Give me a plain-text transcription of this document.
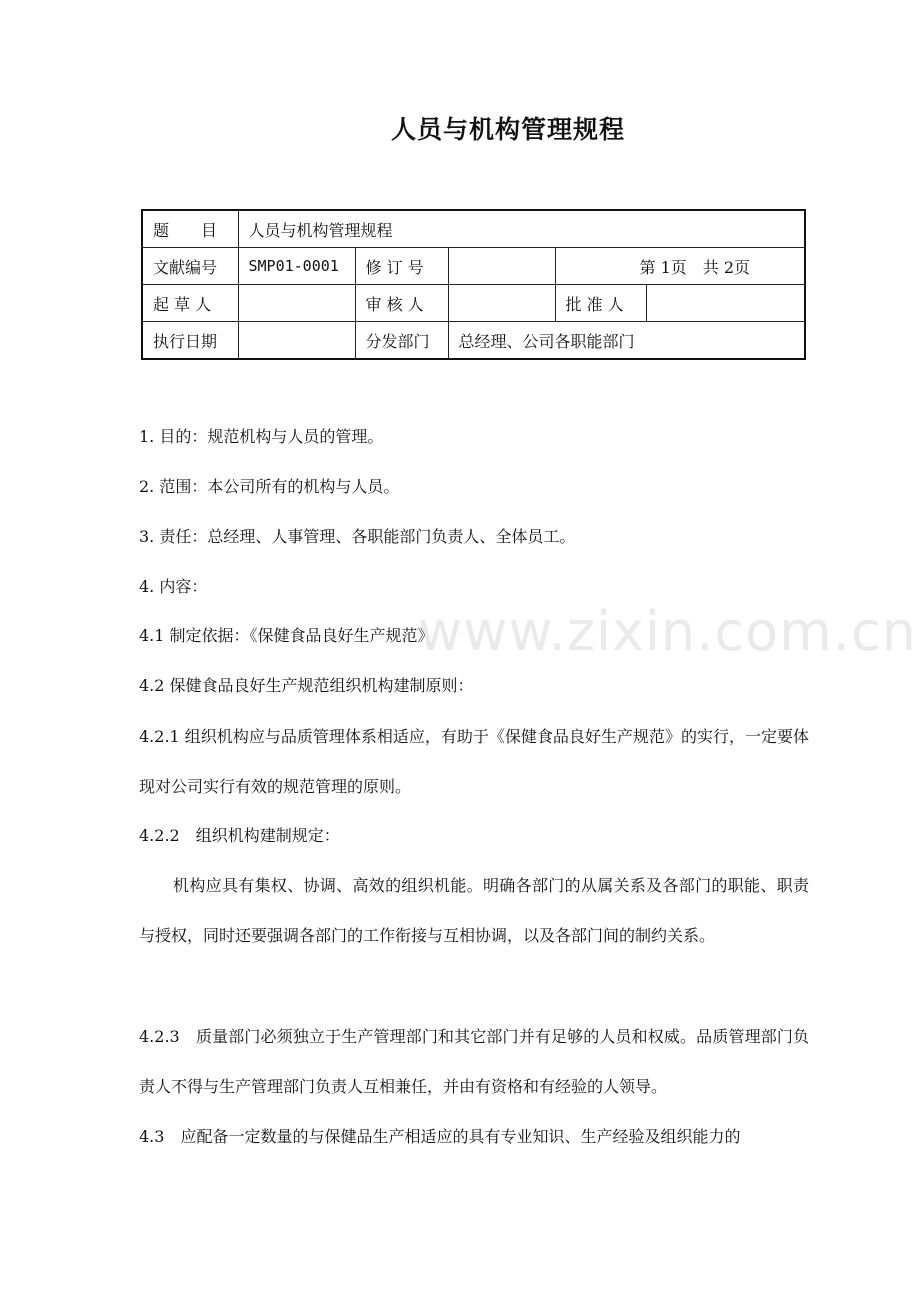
人员与机构管理规程
题　　目	人员与机构管理规程				
文献编号	SMP01-0001	修 订 号		第 1页　共 2页	
起 草 人		审 核 人		批 准 人	
执行日期		分发部门	总经理、公司各职能部门		

1. 目的：规范机构与人员的管理。

2. 范围：本公司所有的机构与人员。

3. 责任：总经理、人事管理、各职能部门负责人、全体员工。

4. 内容：

4.1 制定依据：《保健食品良好生产规范》

4.2 保健食品良好生产规范组织机构建制原则：

4.2.1 组织机构应与品质管理体系相适应，有助于《保健食品良好生产规范》的实行，一定要体现对公司实行有效的规范管理的原则。

4.2.2　组织机构建制规定：

机构应具有集权、协调、高效的组织机能。明确各部门的从属关系及各部门的职能、职责与授权，同时还要强调各部门的工作衔接与互相协调，以及各部门间的制约关系。

4.2.3　质量部门必须独立于生产管理部门和其它部门并有足够的人员和权威。品质管理部门负责人不得与生产管理部门负责人互相兼任，并由有资格和有经验的人领导。

4.3　应配备一定数量的与保健品生产相适应的具有专业知识、生产经验及组织能力的

www.zixin.com.cn
